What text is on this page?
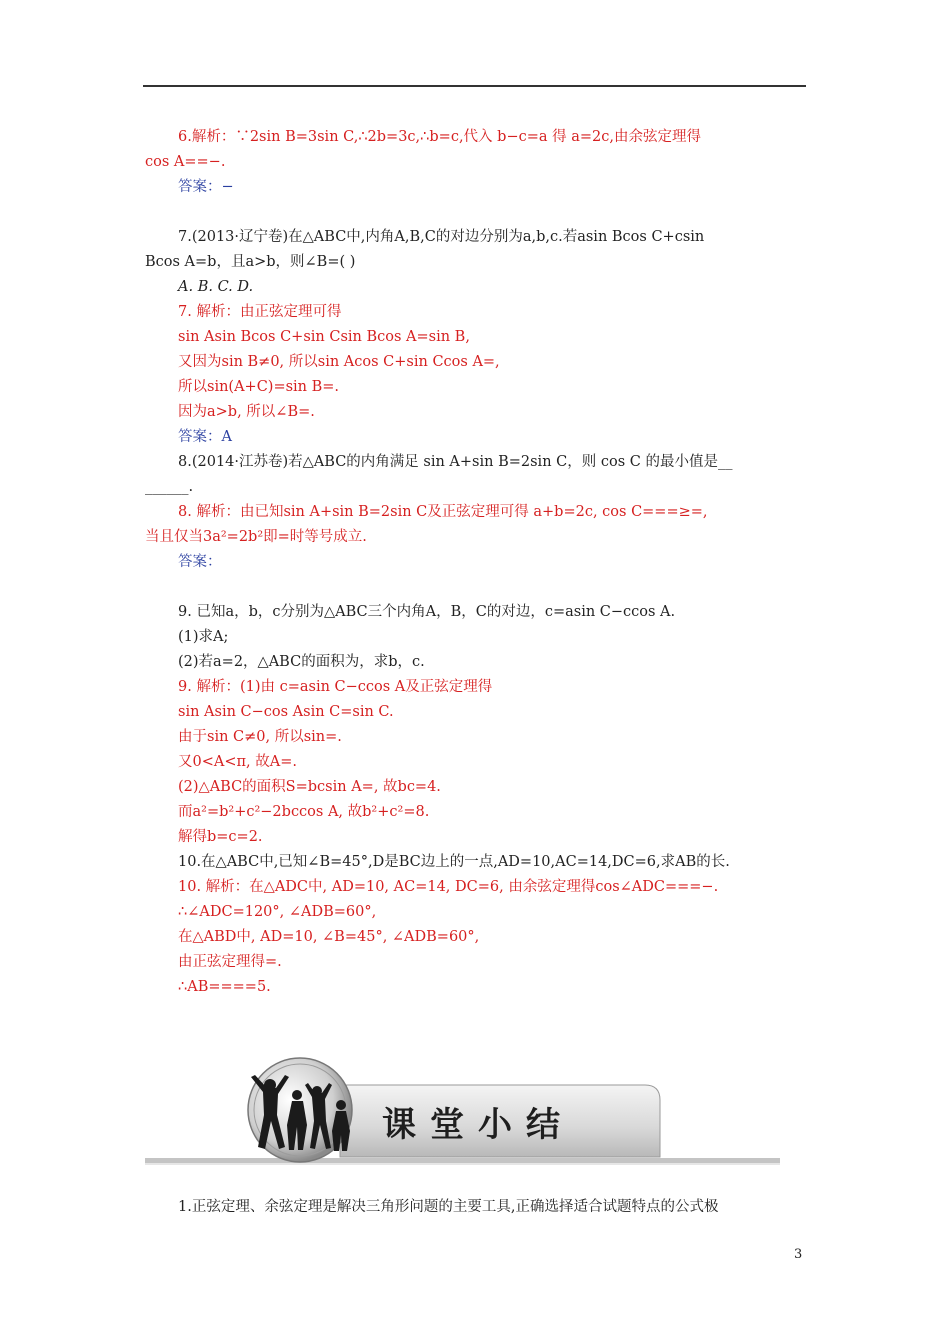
6.解析：∵2sin B=3sin C,∴2b=3c,∴b=c,代入 b−c=a 得 a=2c,由余弦定理得
cos A==−.
答案：−
7.(2013·辽宁卷)在△ABC中,内角A,B,C的对边分别为a,b,c.若asin Bcos C+csin
Bcos A=b，且a>b，则∠B=( )
A. B. C. D.
7. 解析：由正弦定理可得
sin Asin Bcos C+sin Csin Bcos A=sin B,
又因为sin B≠0, 所以sin Acos C+sin Ccos A=,
所以sin(A+C)=sin B=.
因为a>b, 所以∠B=.
答案：A
8.(2014·江苏卷)若△ABC的内角满足 sin A+sin B=2sin C，则 cos C 的最小值是__
______.
8. 解析：由已知sin A+sin B=2sin C及正弦定理可得 a+b=2c, cos C===≥=,
当且仅当3a²=2b²即=时等号成立.
答案：
9. 已知a，b，c分别为△ABC三个内角A，B，C的对边，c=asin C−ccos A.
(1)求A;
(2)若a=2，△ABC的面积为，求b，c.
9. 解析：(1)由 c=asin C−ccos A及正弦定理得
sin Asin C−cos Asin C=sin C.
由于sin C≠0, 所以sin=.
又0<A<π, 故A=.
(2)△ABC的面积S=bcsin A=, 故bc=4.
而a²=b²+c²−2bccos A, 故b²+c²=8.
解得b=c=2.
10.在△ABC中,已知∠B=45°,D是BC边上的一点,AD=10,AC=14,DC=6,求AB的长.
10. 解析：在△ADC中, AD=10, AC=14, DC=6, 由余弦定理得cos∠ADC===−.
∴∠ADC=120°, ∠ADB=60°,
在△ABD中, AD=10, ∠B=45°, ∠ADB=60°,
由正弦定理得=.
∴AB====5.
课堂小结
1.正弦定理、余弦定理是解决三角形问题的主要工具,正确选择适合试题特点的公式极
3
